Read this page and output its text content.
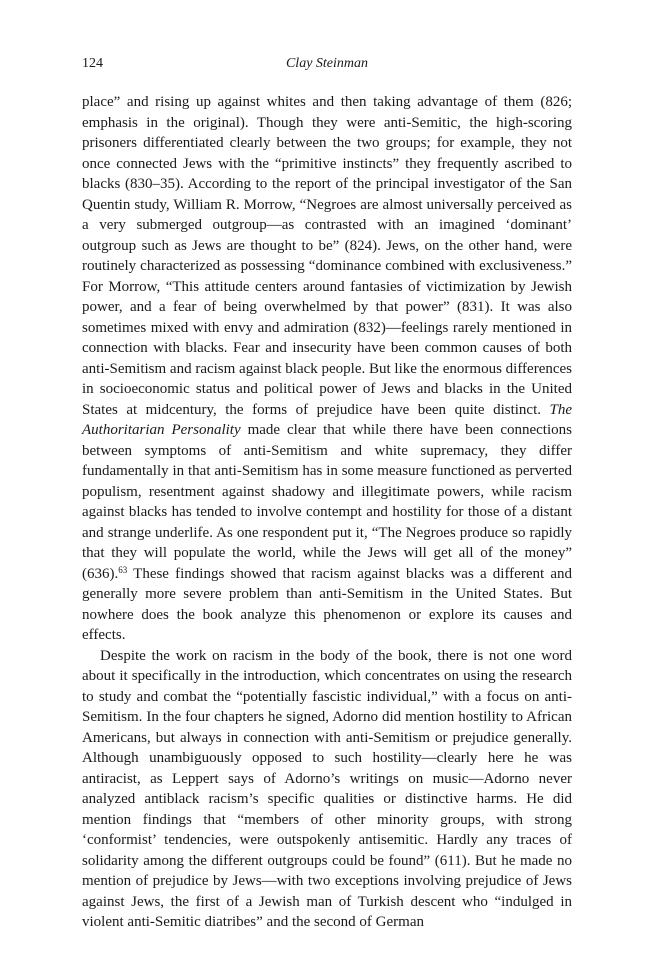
124	Clay Steinman

place” and rising up against whites and then taking advantage of them (826; emphasis in the original). Though they were anti-Semitic, the high-scoring prisoners differentiated clearly between the two groups; for example, they not once connected Jews with the “primitive instincts” they frequently ascribed to blacks (830–35). According to the report of the principal investigator of the San Quentin study, William R. Morrow, “Negroes are almost universally perceived as a very submerged outgroup—as contrasted with an imagined ‘dominant’ outgroup such as Jews are thought to be” (824). Jews, on the other hand, were routinely characterized as possessing “dominance combined with exclusiveness.” For Morrow, “This attitude centers around fantasies of victimization by Jewish power, and a fear of being overwhelmed by that power” (831). It was also sometimes mixed with envy and admiration (832)—feelings rarely mentioned in connection with blacks. Fear and insecurity have been common causes of both anti-Semitism and racism against black people. But like the enormous differences in socioeconomic status and political power of Jews and blacks in the United States at midcentury, the forms of prejudice have been quite distinct. The Authoritarian Personality made clear that while there have been connections between symptoms of anti-Semitism and white supremacy, they differ fundamentally in that anti-Semitism has in some measure functioned as perverted populism, resentment against shadowy and illegitimate powers, while racism against blacks has tended to involve contempt and hostility for those of a distant and strange underlife. As one respondent put it, “The Negroes produce so rapidly that they will populate the world, while the Jews will get all of the money” (636).$^{63}$ These findings showed that racism against blacks was a different and generally more severe problem than anti-Semitism in the United States. But nowhere does the book analyze this phenomenon or explore its causes and effects.

Despite the work on racism in the body of the book, there is not one word about it specifically in the introduction, which concentrates on using the research to study and combat the “potentially fascistic individual,” with a focus on anti-Semitism. In the four chapters he signed, Adorno did mention hostility to African Americans, but always in connection with anti-Semitism or prejudice generally. Although unambiguously opposed to such hostility—clearly here he was antiracist, as Leppert says of Adorno’s writings on music—Adorno never analyzed antiblack racism’s specific qualities or distinctive harms. He did mention findings that “members of other minority groups, with strong ‘conformist’ tendencies, were outspokenly antisemitic. Hardly any traces of solidarity among the different outgroups could be found” (611). But he made no mention of prejudice by Jews—with two exceptions involving prejudice of Jews against Jews, the first of a Jewish man of Turkish descent who “indulged in violent anti-Semitic diatribes” and the second of German
